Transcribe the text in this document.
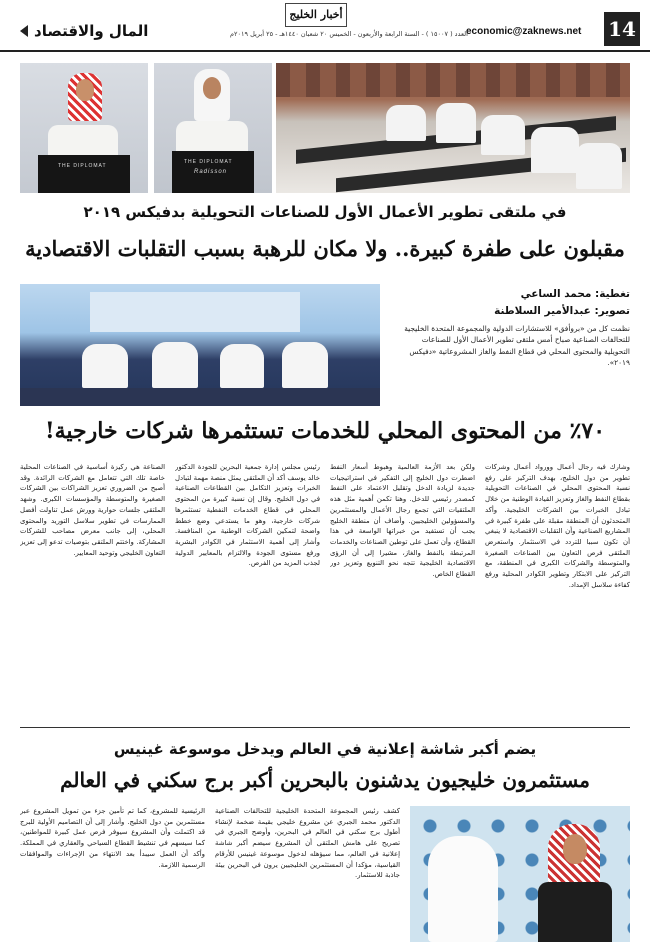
14
economic@zaknews.net
أخبار الخليج
العدد ( ١٥٠٠٧ ) - السنة الرابعة والأربعون - الخميس ٢٠ شعبان ١٤٤٠هـ - ٢٥ أبريل ٢٠١٩م
المال والاقتصاد
THE DIPLOMAT
THE DIPLOMAT
Radisson
في ملتقى تطوير الأعمال الأول للصناعات التحويلية بدفيكس ٢٠١٩
مقبلون على طفرة كبيرة.. ولا مكان للرهبة بسبب التقلبات الاقتصادية
تغطية: محمد الساعي
تصوير: عبدالأمير السلاطنة
نظمت كل من «بروأفق» للاستشارات الدولية والمجموعة المتحدة الخليجية للتحالفات الصناعية صباح أمس ملتقى تطوير الأعمال الأول للصناعات التحويلية والمحتوى المحلي في قطاع النفط والغاز المشروعاتية «دفيكس ٢٠١٩».
٧٠٪ من المحتوى المحلي للخدمات تستثمرها شركات خارجية!
وشارك فيه رجال أعمال وورواد أعمال وشركات تطوير من دول الخليج، بهدف التركيز على رفع نسبة المحتوى المحلي في الصناعات التحويلية بقطاع النفط والغاز وتعزيز القيادة الوطنية من خلال تبادل الخبرات بين الشركات الخليجية. وأكد المتحدثون أن المنطقة مقبلة على طفرة كبيرة في المشاريع الصناعية وأن التقلبات الاقتصادية لا ينبغي أن تكون سببا للتردد في الاستثمار. واستعرض الملتقى فرص التعاون بين الصناعات الصغيرة والمتوسطة والشركات الكبرى في المنطقة، مع التركيز على الابتكار وتطوير الكوادر المحلية ورفع كفاءة سلاسل الإمداد.
ولكن بعد الأزمة العالمية وهبوط أسعار النفط اضطرت دول الخليج إلى التفكير في استراتيجيات جديدة لزيادة الدخل وتقليل الاعتماد على النفط كمصدر رئيسي للدخل. وهنا تكمن أهمية مثل هذه الملتقيات التي تجمع رجال الأعمال والمستثمرين والمسؤولين الخليجيين. وأضاف أن منطقة الخليج يجب أن تستفيد من خبراتها الواسعة في هذا القطاع، وأن تعمل على توطين الصناعات والخدمات المرتبطة بالنفط والغاز، مشيرا إلى أن الرؤى الاقتصادية الخليجية تتجه نحو التنويع وتعزيز دور القطاع الخاص.
رئيس مجلس إدارة جمعية البحرين للجودة الدكتور خالد يوسف أكد أن الملتقى يمثل منصة مهمة لتبادل الخبرات وتعزيز التكامل بين القطاعات الصناعية في دول الخليج. وقال إن نسبة كبيرة من المحتوى المحلي في قطاع الخدمات النفطية تستثمرها شركات خارجية، وهو ما يستدعي وضع خطط واضحة لتمكين الشركات الوطنية من المنافسة. وأشار إلى أهمية الاستثمار في الكوادر البشرية ورفع مستوى الجودة والالتزام بالمعايير الدولية لجذب المزيد من الفرص.
الصناعة هي ركيزة أساسية في الصناعات المحلية خاصة تلك التي تتعامل مع الشركات الرائدة. وقد أصبح من الضروري تعزيز الشراكات بين الشركات الصغيرة والمتوسطة والمؤسسات الكبرى. وشهد الملتقى جلسات حوارية وورش عمل تناولت أفضل الممارسات في تطوير سلاسل التوريد والمحتوى المحلي، إلى جانب معرض مصاحب للشركات المشاركة. واختتم الملتقى بتوصيات تدعو إلى تعزيز التعاون الخليجي وتوحيد المعايير.
يضم أكبر شاشة إعلانية في العالم ويدخل موسوعة غينيس
مستثمرون خليجيون يدشنون بالبحرين أكبر برج سكني في العالم
كشف رئيس المجموعة المتحدة الخليجية للتحالفات الصناعية الدكتور محمد الجبري عن مشروع خليجي بقيمة ضخمة لإنشاء أطول برج سكني في العالم في البحرين، وأوضح الجبري في تصريح على هامش الملتقى أن المشروع سيضم أكبر شاشة إعلانية في العالم، مما سيؤهله لدخول موسوعة غينيس للأرقام القياسية، مؤكدا أن المستثمرين الخليجيين يرون في البحرين بيئة جاذبة للاستثمار.
الرئيسية للمشروع، كما تم تأمين جزء من تمويل المشروع عبر مستثمرين من دول الخليج. وأشار إلى أن التصاميم الأولية للبرج قد اكتملت وأن المشروع سيوفر فرص عمل كبيرة للمواطنين، كما سيسهم في تنشيط القطاع السياحي والعقاري في المملكة. وأكد أن العمل سيبدأ بعد الانتهاء من الإجراءات والموافقات الرسمية اللازمة.
